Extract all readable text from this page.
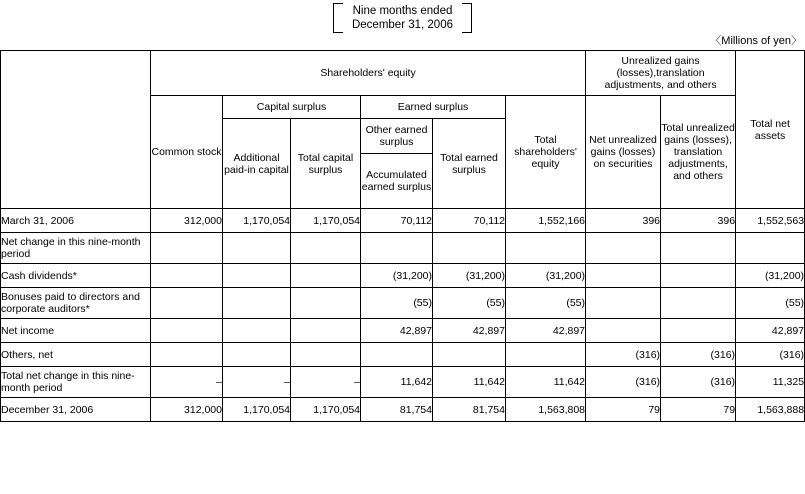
Nine months ended
December 31, 2006
〈Millions of yen〉
	Shareholders' equity						Unrealized gains (losses),translation adjustments, and others		Total net assets
	Common stock	Capital surplus		Earned surplus		Total shareholders' equity	Net unrealized gains (losses) on securities	Total unrealized gains (losses), translation adjustments, and others	
		Additional paid-in capital	Total capital surplus	Other earned surplus	Total earned surplus				
				Accumulated earned surplus					
March 31, 2006	312,000	1,170,054	1,170,054	70,112	70,112	1,552,166	396	396	1,552,563
Net change in this nine-month period									
Cash dividends*				(31,200)	(31,200)	(31,200)			(31,200)
Bonuses paid to directors and corporate auditors*				(55)	(55)	(55)			(55)
Net income				42,897	42,897	42,897			42,897
Others, net							(316)	(316)	(316)
Total net change in this nine-month period	–	–	–	11,642	11,642	11,642	(316)	(316)	11,325
December 31, 2006	312,000	1,170,054	1,170,054	81,754	81,754	1,563,808	79	79	1,563,888
